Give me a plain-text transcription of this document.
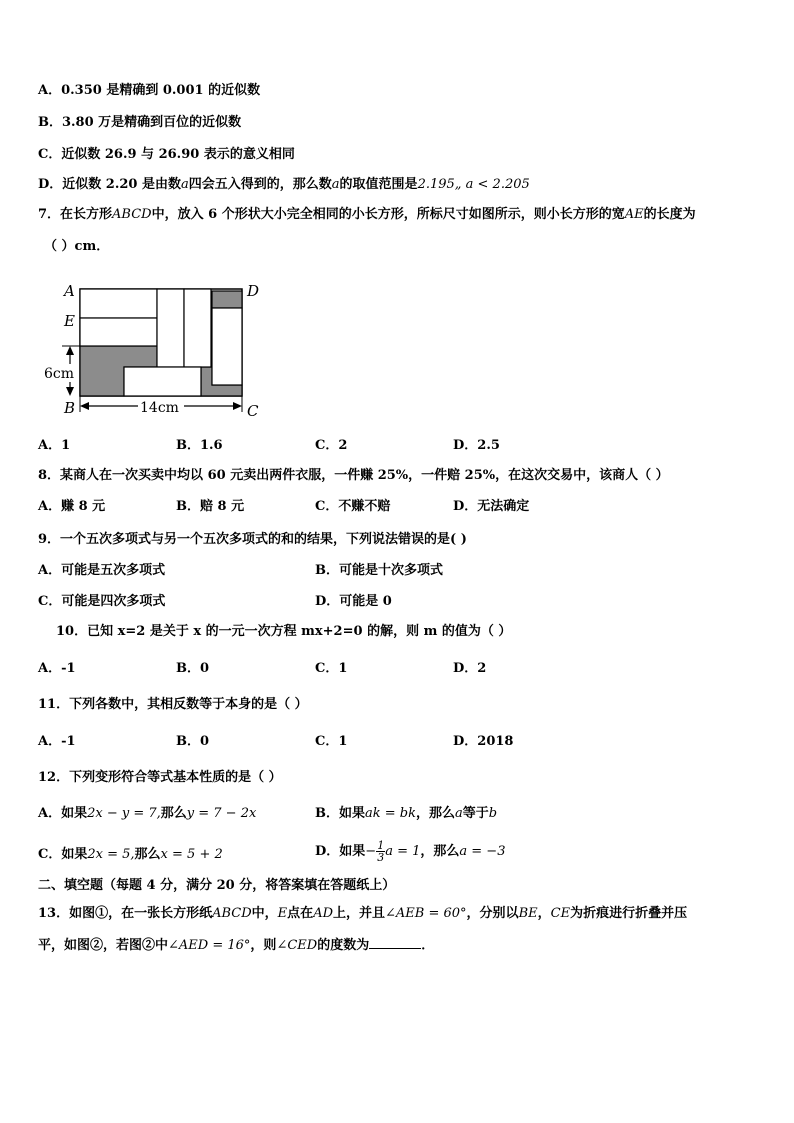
A．0.350 是精确到 0.001 的近似数
B．3.80 万是精确到百位的近似数
C．近似数 26.9 与 26.90 表示的意义相同
D．近似数 2.20 是由数a四会五入得到的，那么数a的取值范围是2.195„ a < 2.205
7．在长方形ABCD中，放入 6 个形状大小完全相同的小长方形，所标尺寸如图所示，则小长方形的宽AE的长度为
（ ）cm．
A	D
E
B	C
6cm
14cm
A．1	B．1.6	C．2	D．2.5
8．某商人在一次买卖中均以 60 元卖出两件衣服，一件赚 25%，一件赔 25%，在这次交易中，该商人（ ）
A．赚 8 元	B．赔 8 元	C．不赚不赔	D．无法确定
9．一个五次多项式与另一个五次多项式的和的结果，下列说法错误的是( )
A．可能是五次多项式	B．可能是十次多项式
C．可能是四次多项式	D．可能是 0
10．已知 x=2 是关于 x 的一元一次方程 mx+2=0 的解，则 m 的值为（ ）
A．-1	B．0	C．1	D．2
11．下列各数中，其相反数等于本身的是（ ）
A．-1	B．0	C．1	D．2018
12．下列变形符合等式基本性质的是（ ）
A．如果2x − y = 7,那么y = 7 − 2x	B．如果ak = bk，那么a等于b
C．如果2x = 5,那么x = 5 + 2	D．如果− $\frac{1}{3}$ a = 1，那么a = −3
二、填空题（每题 4 分，满分 20 分，将答案填在答题纸上）
13．如图①，在一张长方形纸ABCD中，E点在AD上，并且∠AEB = 60°，分别以BE，CE为折痕进行折叠并压
平，如图②，若图②中∠AED = 16°，则∠CED的度数为	．
